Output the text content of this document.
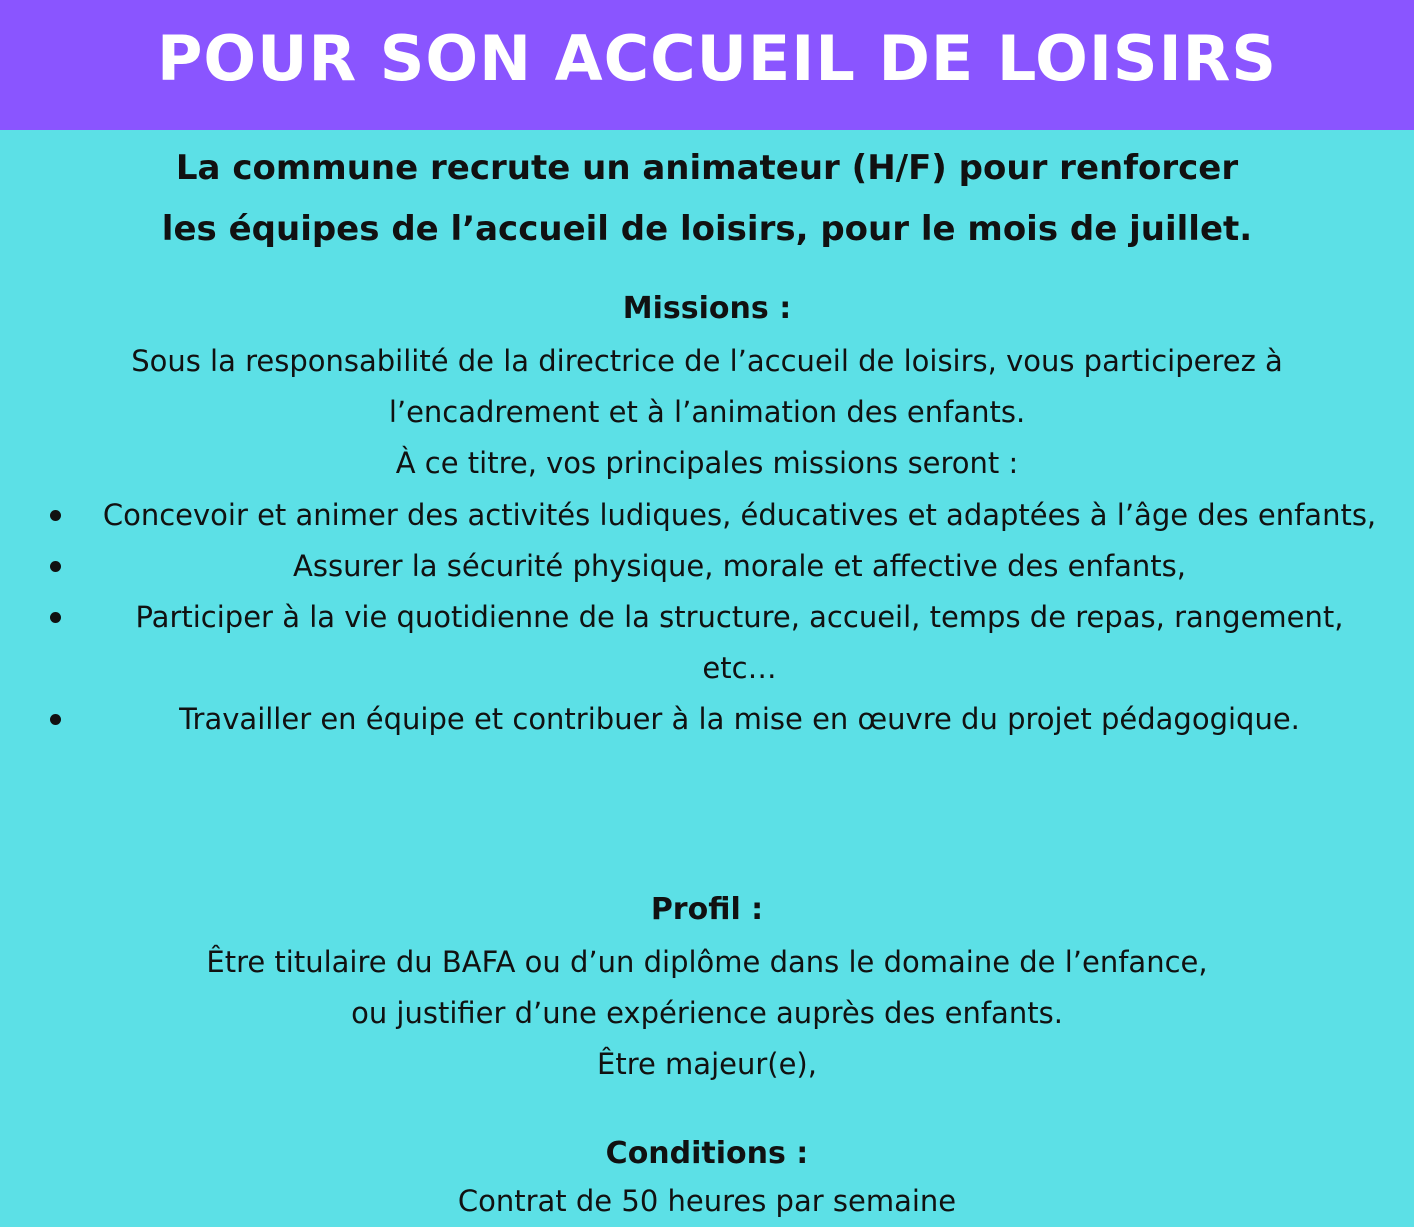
POUR SON ACCUEIL DE LOISIRS

La commune recrute un animateur (H/F) pour renforcer
les équipes de l’accueil de loisirs, pour le mois de juillet.

Missions :

Sous la responsabilité de la directrice de l’accueil de loisirs, vous participerez à
l’encadrement et à l’animation des enfants.
À ce titre, vos principales missions seront :

Concevoir et animer des activités ludiques, éducatives et adaptées à l’âge des enfants,
Assurer la sécurité physique, morale et affective des enfants,
Participer à la vie quotidienne de la structure, accueil, temps de repas, rangement, etc…
Travailler en équipe et contribuer à la mise en œuvre du projet pédagogique.
Profil :

Être titulaire du BAFA ou d’un diplôme dans le domaine de l’enfance,
ou justifier d’une expérience auprès des enfants.
Être majeur(e),

Conditions :

Contrat de 50 heures par semaine
